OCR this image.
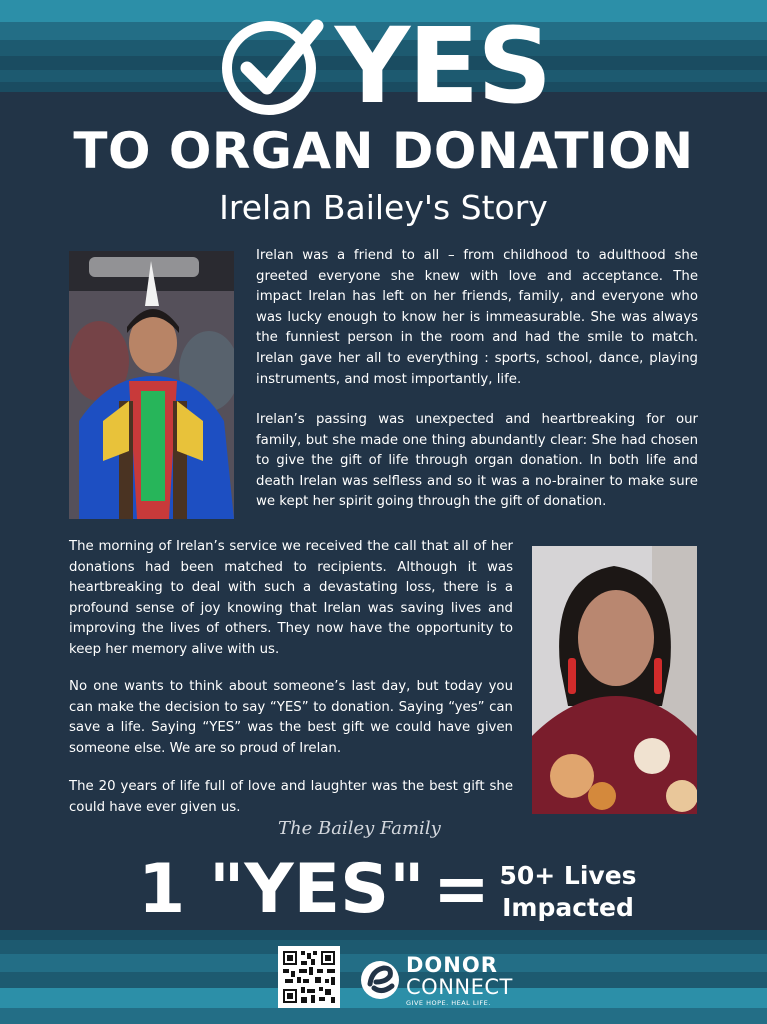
YES
TO ORGAN DONATION
Irelan Bailey's Story
Irelan was a friend to all – from childhood to adulthood she greeted everyone she knew with love and acceptance. The impact Irelan has left on her friends, family, and everyone who was lucky enough to know her is immeasurable. She was always the funniest person in the room and had the smile to match. Irelan gave her all to everything : sports, school, dance, playing instruments, and most importantly, life.
Irelan’s passing was unexpected and heartbreaking for our family, but she made one thing abundantly clear: She had chosen to give the gift of life through organ donation. In both life and death Irelan was selfless and so it was a no-brainer to make sure we kept her spirit going through the gift of donation.
The morning of Irelan’s service we received the call that all of her donations had been matched to recipients. Although it was heartbreaking to deal with such a devastating loss, there is a profound sense of joy knowing that Irelan was saving lives and improving the lives of others. They now have the opportunity to keep her memory alive with us.
No one wants to think about someone’s last day, but today you can make the decision to say “YES” to donation. Saying “yes” can save a life. Saying “YES” was the best gift we could have given someone else. We are so proud of Irelan.
The 20 years of life full of love and laughter was the best gift she could have ever given us.
The Bailey Family
1 "YES" = 50+ Lives
Impacted
DONOR
CONNECT
GIVE HOPE. HEAL LIFE.
